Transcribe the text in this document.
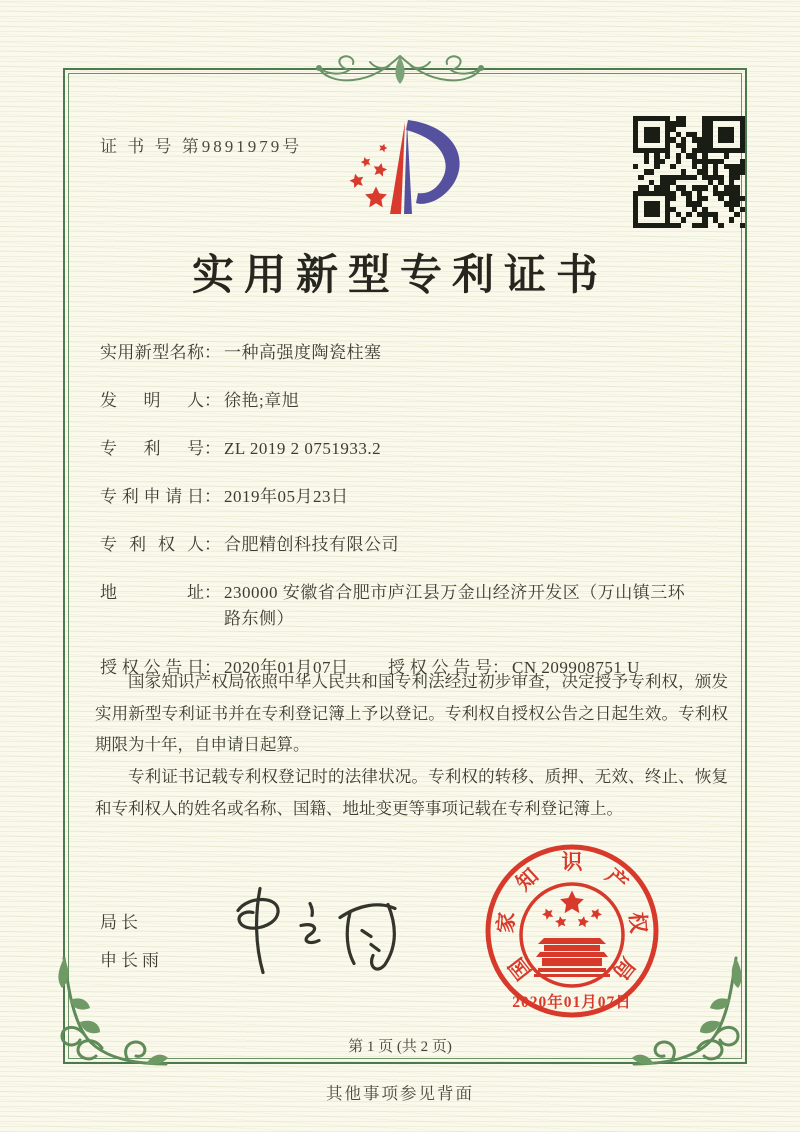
证 书 号 第9891979号
实用新型专利证书
实用新型名称： 一种高强度陶瓷柱塞
发明人： 徐艳;章旭
专利号： ZL 2019 2 0751933.2
专利申请日： 2019年05月23日
专利权人： 合肥精创科技有限公司
地址： 230000 安徽省合肥市庐江县万金山经济开发区（万山镇三环路东侧）
授权公告日： 2020年01月07日 授权公告号： CN 209908751 U

国家知识产权局依照中华人民共和国专利法经过初步审查，决定授予专利权，颁发实用新型专利证书并在专利登记簿上予以登记。专利权自授权公告之日起生效。专利权期限为十年，自申请日起算。

专利证书记载专利权登记时的法律状况。专利权的转移、质押、无效、终止、恢复和专利权人的姓名或名称、国籍、地址变更等事项记载在专利登记簿上。

局长
申长雨	国
家
知
识
产
权
局
2020年01月07日
第 1 页 (共 2 页)
其他事项参见背面
